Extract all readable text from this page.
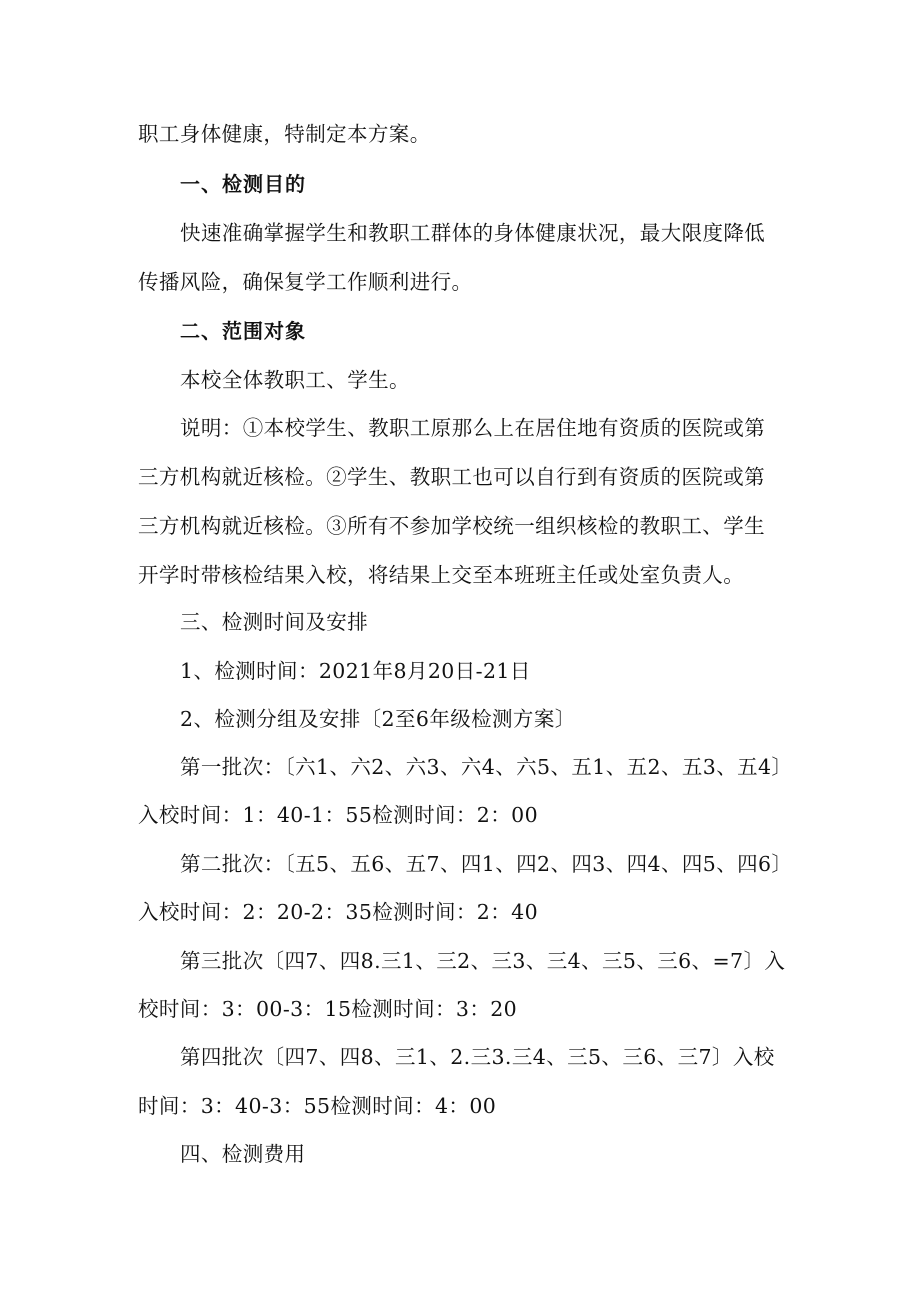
职工身体健康，特制定本方案。
一、检测目的
快速准确掌握学生和教职工群体的身体健康状况，最大限度降低
传播风险，确保复学工作顺利进行。
二、范围对象
本校全体教职工、学生。
说明：①本校学生、教职工原那么上在居住地有资质的医院或第
三方机构就近核检。②学生、教职工也可以自行到有资质的医院或第
三方机构就近核检。③所有不参加学校统一组织核检的教职工、学生
开学时带核检结果入校，将结果上交至本班班主任或处室负责人。
三、检测时间及安排
1、检测时间：2021年8月20日-21日
2、检测分组及安排〔2至6年级检测方案〕
第一批次：〔六1、六2、六3、六4、六5、五1、五2、五3、五4〕
入校时间：1：40-1：55检测时间：2：00
第二批次：〔五5、五6、五7、四1、四2、四3、四4、四5、四6〕
入校时间：2：20-2：35检测时间：2：40
第三批次〔四7、四8.三1、三2、三3、三4、三5、三6、=7〕入
校时间：3：00-3：15检测时间：3：20
第四批次〔四7、四8、三1、2.三3.三4、三5、三6、三7〕入校
时间：3：40-3：55检测时间：4：00
四、检测费用
